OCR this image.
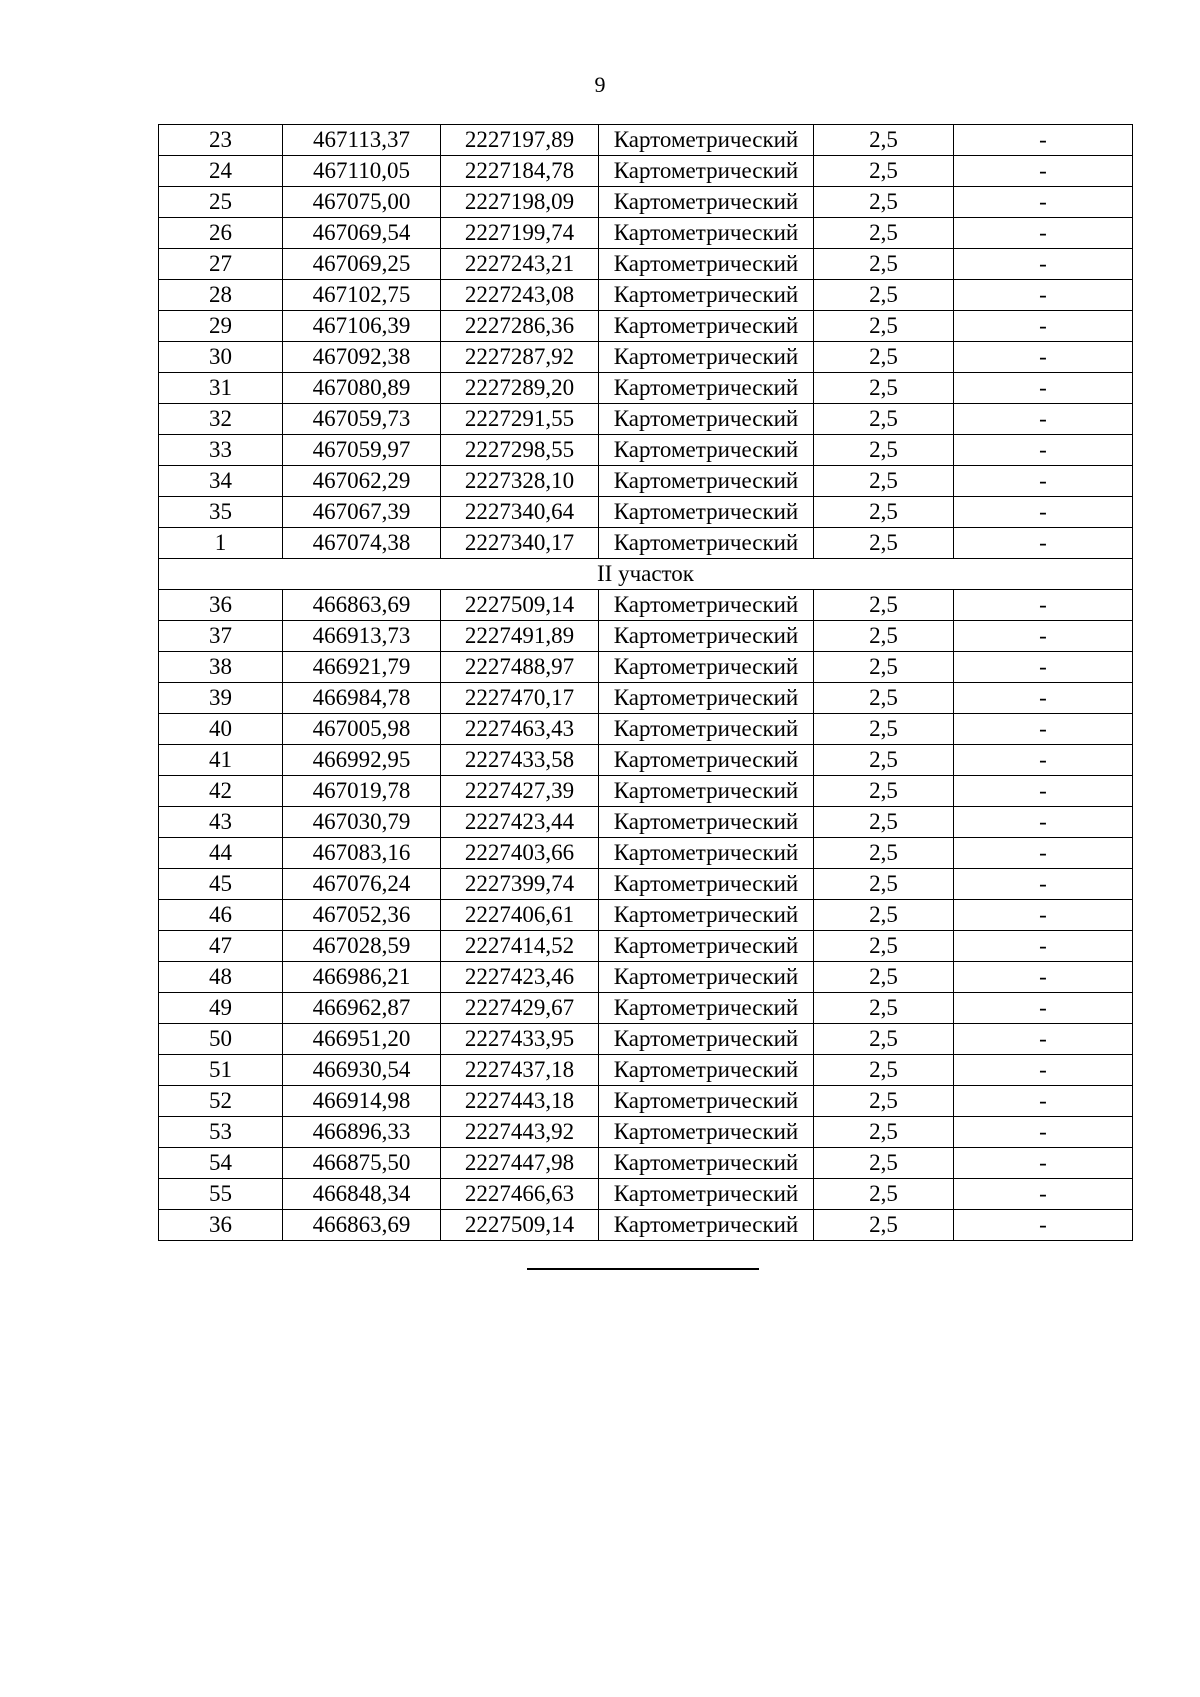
9
23	467113,37	2227197,89	Картометрический	2,5	-
24	467110,05	2227184,78	Картометрический	2,5	-
25	467075,00	2227198,09	Картометрический	2,5	-
26	467069,54	2227199,74	Картометрический	2,5	-
27	467069,25	2227243,21	Картометрический	2,5	-
28	467102,75	2227243,08	Картометрический	2,5	-
29	467106,39	2227286,36	Картометрический	2,5	-
30	467092,38	2227287,92	Картометрический	2,5	-
31	467080,89	2227289,20	Картометрический	2,5	-
32	467059,73	2227291,55	Картометрический	2,5	-
33	467059,97	2227298,55	Картометрический	2,5	-
34	467062,29	2227328,10	Картометрический	2,5	-
35	467067,39	2227340,64	Картометрический	2,5	-
1	467074,38	2227340,17	Картометрический	2,5	-
II участок					
36	466863,69	2227509,14	Картометрический	2,5	-
37	466913,73	2227491,89	Картометрический	2,5	-
38	466921,79	2227488,97	Картометрический	2,5	-
39	466984,78	2227470,17	Картометрический	2,5	-
40	467005,98	2227463,43	Картометрический	2,5	-
41	466992,95	2227433,58	Картометрический	2,5	-
42	467019,78	2227427,39	Картометрический	2,5	-
43	467030,79	2227423,44	Картометрический	2,5	-
44	467083,16	2227403,66	Картометрический	2,5	-
45	467076,24	2227399,74	Картометрический	2,5	-
46	467052,36	2227406,61	Картометрический	2,5	-
47	467028,59	2227414,52	Картометрический	2,5	-
48	466986,21	2227423,46	Картометрический	2,5	-
49	466962,87	2227429,67	Картометрический	2,5	-
50	466951,20	2227433,95	Картометрический	2,5	-
51	466930,54	2227437,18	Картометрический	2,5	-
52	466914,98	2227443,18	Картометрический	2,5	-
53	466896,33	2227443,92	Картометрический	2,5	-
54	466875,50	2227447,98	Картометрический	2,5	-
55	466848,34	2227466,63	Картометрический	2,5	-
36	466863,69	2227509,14	Картометрический	2,5	-
